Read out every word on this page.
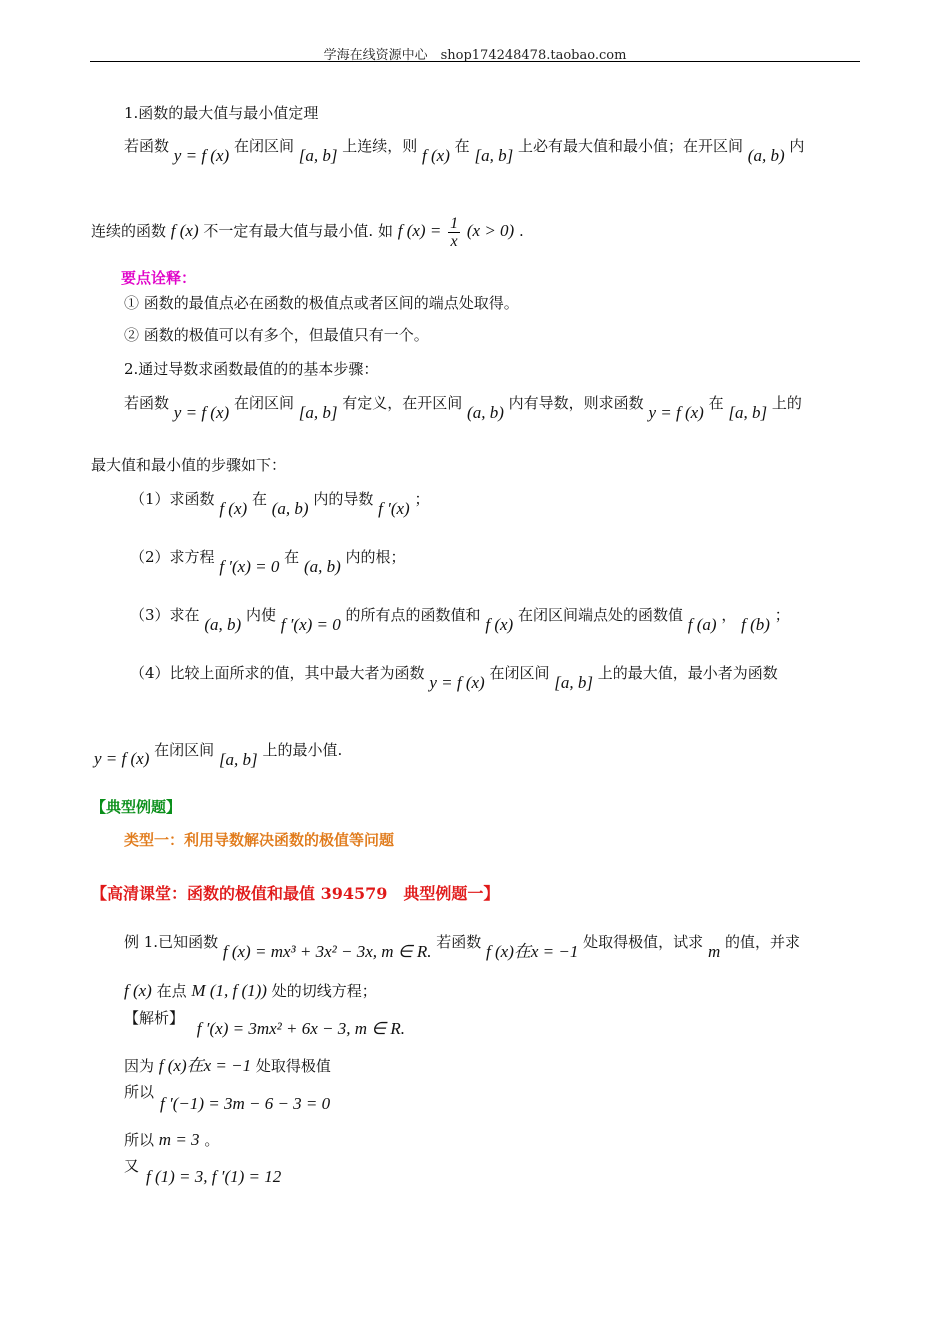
学海在线资源中心　shop174248478.taobao.com
1.函数的最大值与最小值定理
若函数 y = f (x) 在闭区间 [a, b] 上连续，则 f (x) 在 [a, b] 上必有最大值和最小值；在开区间 (a, b) 内
连续的函数 f (x) 不一定有最大值与最小值. 如 f $(x) = \frac{1}{x} (x > 0)$ .
要点诠释：
① 函数的最值点必在函数的极值点或者区间的端点处取得。
② 函数的极值可以有多个，但最值只有一个。
2.通过导数求函数最值的的基本步骤：
若函数 y = f (x) 在闭区间 [a, b] 有定义，在开区间 (a, b) 内有导数，则求函数 y = f (x) 在 [a, b] 上的
最大值和最小值的步骤如下：
（1）求函数 f (x) 在 (a, b) 内的导数 f ′(x) ；
（2）求方程 f ′(x) = 0 在 (a, b) 内的根；
（3）求在 (a, b) 内使 f ′(x) = 0 的所有点的函数值和 f (x) 在闭区间端点处的函数值 f (a) ， f (b) ；
（4）比较上面所求的值，其中最大者为函数 y = f (x) 在闭区间 [a, b] 上的最大值，最小者为函数
y = f (x) 在闭区间 [a, b] 上的最小值.
【典型例题】
类型一：利用导数解决函数的极值等问题
【高清课堂：函数的极值和最值 394579　典型例题一】
例 1.已知函数 f (x) = mx³ + 3x² − 3x, m ∈ R. 若函数 f (x)在x = −1 处取得极值，试求 m 的值，并求
f (x) 在点 M (1, f (1)) 处的切线方程；
【解析】 f ′(x) = 3mx² + 6x − 3, m ∈ R.
因为 f (x)在x = −1 处取得极值
所以
f ′(−1) = 3m − 6 − 3 = 0
所以 m = 3 。
又
f (1) = 3, f ′(1) = 12
